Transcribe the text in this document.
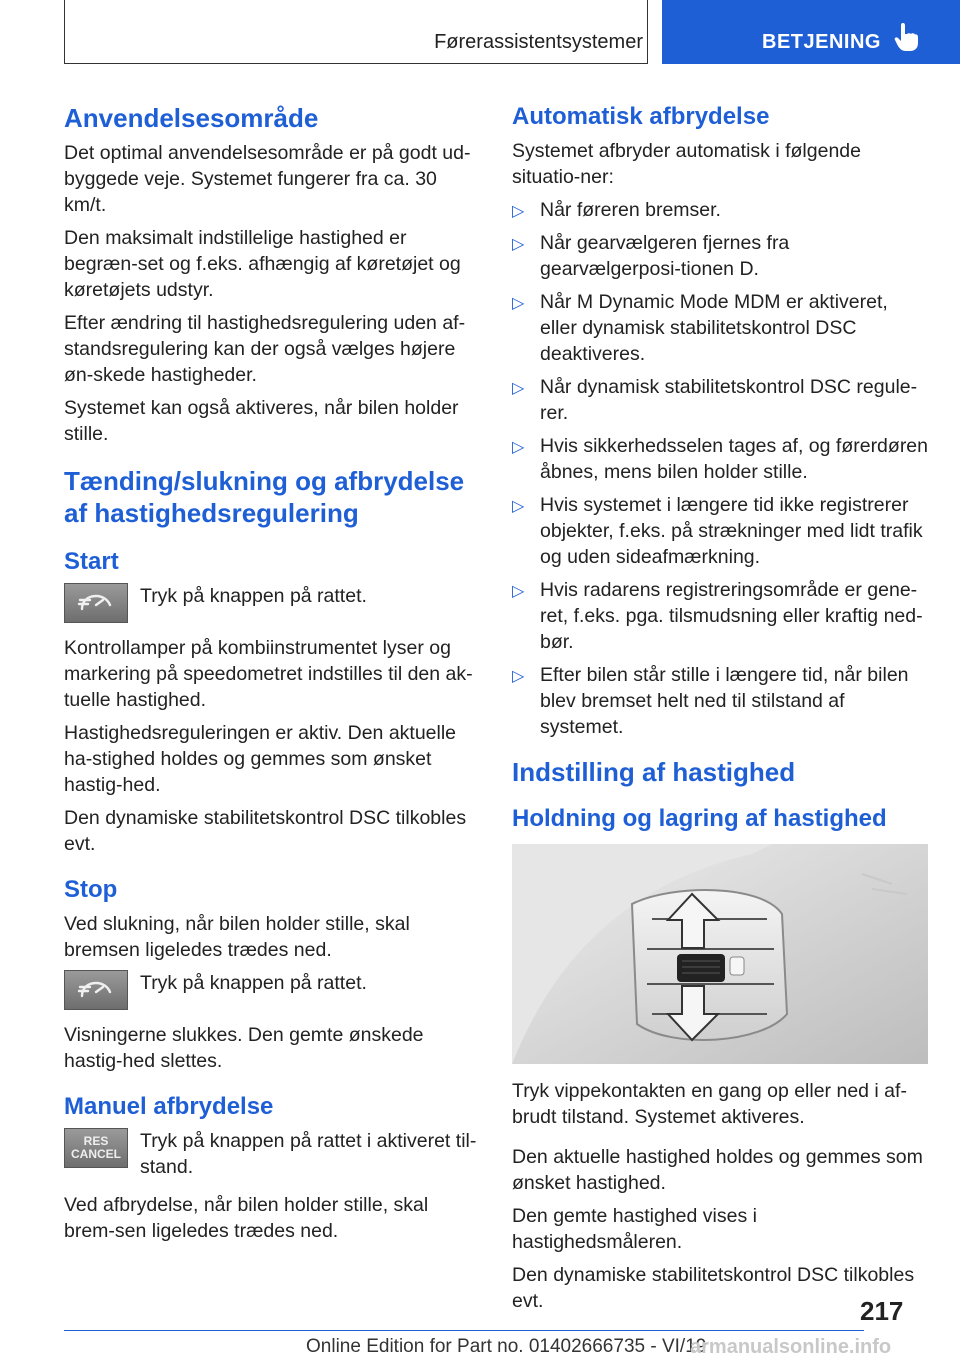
Førerassistentsystemer	BETJENING
Anvendelsesområde

Det optimal anvendelsesområde er på godt ud-byggede veje. Systemet fungerer fra ca. 30 km/t.

Den maksimalt indstillelige hastighed er begræn-set og f.eks. afhængig af køretøjet og køretøjets udstyr.

Efter ændring til hastighedsregulering uden af-standsregulering kan der også vælges højere øn-skede hastigheder.

Systemet kan også aktiveres, når bilen holder stille.

Tænding/slukning og afbrydelse af hastighedsregulering
Start
Tryk på knappen på rattet.

Kontrollamper på kombiinstrumentet lyser og markering på speedometret indstilles til den ak-tuelle hastighed.

Hastighedsreguleringen er aktiv. Den aktuelle ha-stighed holdes og gemmes som ønsket hastig-hed.

Den dynamiske stabilitetskontrol DSC tilkobles evt.

Stop

Ved slukning, når bilen holder stille, skal bremsen ligeledes trædes ned.

Tryk på knappen på rattet.

Visningerne slukkes. Den gemte ønskede hastig-hed slettes.

Manuel afbrydelse
RES
CANCEL
Tryk på knappen på rattet i aktiveret til-stand.

Ved afbrydelse, når bilen holder stille, skal brem-sen ligeledes trædes ned.

Automatisk afbrydelse

Systemet afbryder automatisk i følgende situatio-ner:

▷ Når føreren bremser.
▷ Når gearvælgeren fjernes fra gearvælgerposi-tionen D.
▷ Når M Dynamic Mode MDM er aktiveret, eller dynamisk stabilitetskontrol DSC deaktiveres.
▷ Når dynamisk stabilitetskontrol DSC regule-rer.
▷ Hvis sikkerhedsselen tages af, og førerdøren åbnes, mens bilen holder stille.
▷ Hvis systemet i længere tid ikke registrerer objekter, f.eks. på strækninger med lidt trafik og uden sideafmærkning.
▷ Hvis radarens registreringsområde er gene-ret, f.eks. pga. tilsmudsning eller kraftig ned-bør.
▷ Efter bilen står stille i længere tid, når bilen blev bremset helt ned til stilstand af systemet.
Indstilling af hastighed
Holdning og lagring af hastighed

Tryk vippekontakten en gang op eller ned i af-brudt tilstand. Systemet aktiveres.

Den aktuelle hastighed holdes og gemmes som ønsket hastighed.

Den gemte hastighed vises i hastighedsmåleren.

Den dynamiske stabilitetskontrol DSC tilkobles evt.	217
Online Edition for Part no. 01402666735 - VI/19
armanualsonline.info
